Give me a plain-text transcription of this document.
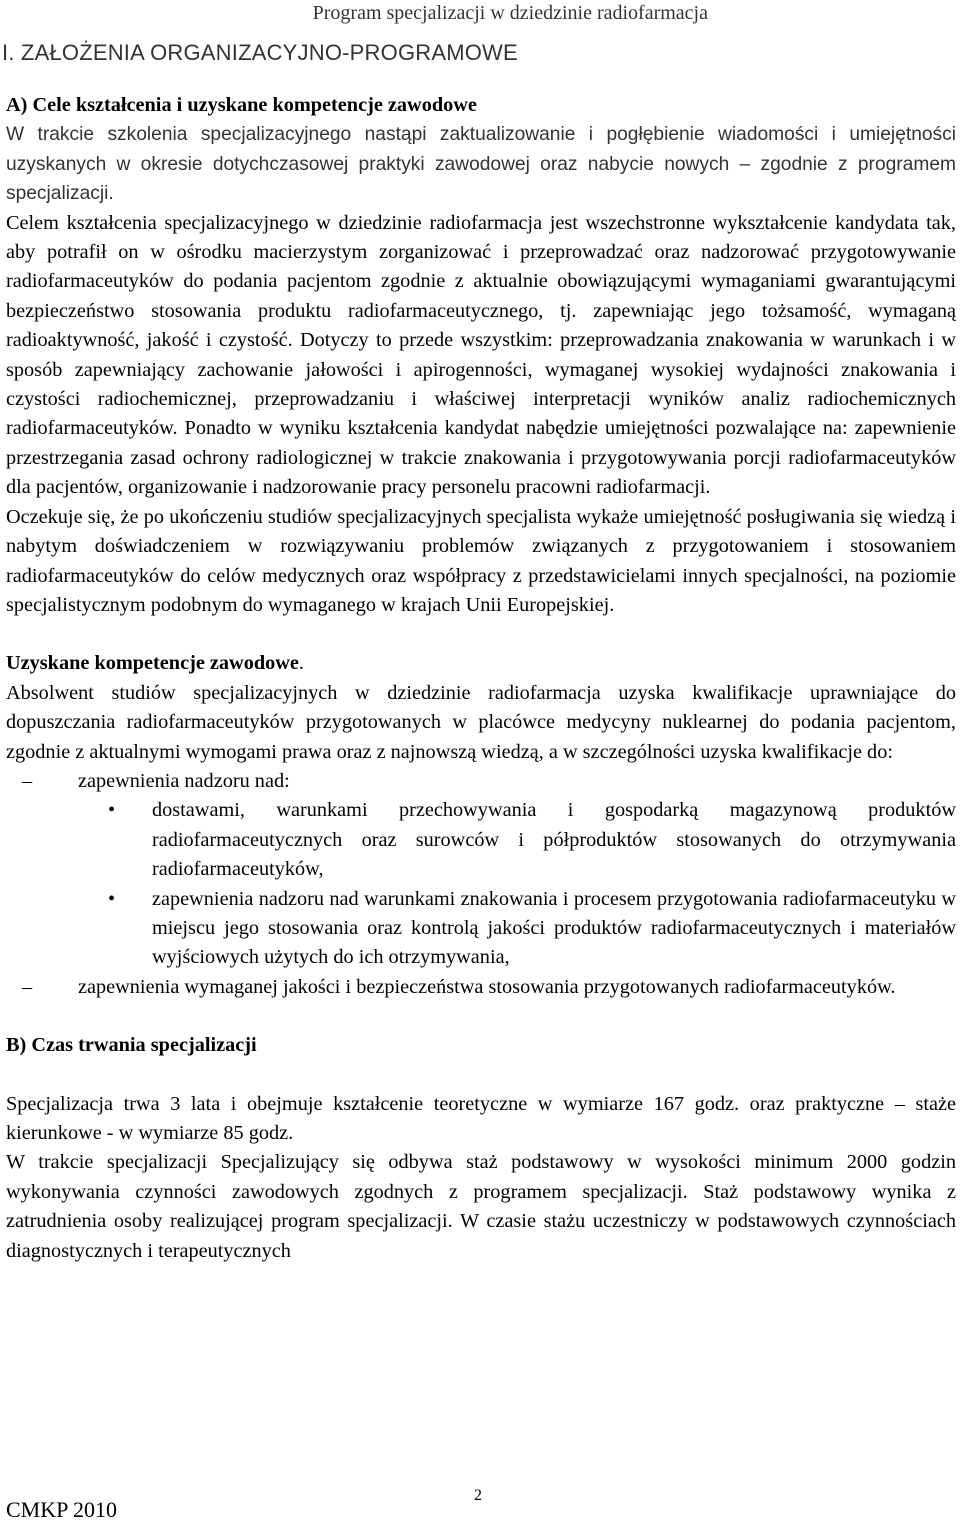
Program specjalizacji w dziedzinie radiofarmacja
I. ZAŁOŻENIA ORGANIZACYJNO-PROGRAMOWE
A) Cele kształcenia i uzyskane kompetencje zawodowe

W trakcie szkolenia specjalizacyjnego nastąpi zaktualizowanie i pogłębienie wiadomości i umiejętności uzyskanych w okresie dotychczasowej praktyki zawodowej oraz nabycie nowych – zgodnie z programem specjalizacji.

Celem kształcenia specjalizacyjnego w dziedzinie radiofarmacja jest wszechstronne wykształcenie kandydata tak, aby potrafił on w ośrodku macierzystym zorganizować i przeprowadzać oraz nadzorować przygotowywanie radiofarmaceutyków do podania pacjentom zgodnie z aktualnie obowiązującymi wymaganiami gwarantującymi bezpieczeństwo stosowania produktu radiofarmaceutycznego, tj. zapewniając jego tożsamość, wymaganą radioaktywność, jakość i czystość. Dotyczy to przede wszystkim: przeprowadzania znakowania w warunkach i w sposób zapewniający zachowanie jałowości i apirogenności, wymaganej wysokiej wydajności znakowania i czystości radiochemicznej, przeprowadzaniu i właściwej interpretacji wyników analiz radiochemicznych radiofarmaceutyków. Ponadto w wyniku kształcenia kandydat nabędzie umiejętności pozwalające na: zapewnienie przestrzegania zasad ochrony radiologicznej w trakcie znakowania i przygotowywania porcji radiofarmaceutyków dla pacjentów, organizowanie i nadzorowanie pracy personelu pracowni radiofarmacji.

Oczekuje się, że po ukończeniu studiów specjalizacyjnych specjalista wykaże umiejętność posługiwania się wiedzą i nabytym doświadczeniem w rozwiązywaniu problemów związanych z przygotowaniem i stosowaniem radiofarmaceutyków do celów medycznych oraz współpracy z przedstawicielami innych specjalności, na poziomie specjalistycznym podobnym do wymaganego w krajach Unii Europejskiej.

Uzyskane kompetencje zawodowe.

Absolwent studiów specjalizacyjnych w dziedzinie radiofarmacja uzyska kwalifikacje uprawniające do dopuszczania radiofarmaceutyków przygotowanych w placówce medycyny nuklearnej do podania pacjentom, zgodnie z aktualnymi wymogami prawa oraz z najnowszą wiedzą, a w szczególności uzyska kwalifikacje do:

–	zapewnienia nadzoru nad:
• dostawami, warunkami przechowywania i gospodarką magazynową produktów radiofarmaceutycznych oraz surowców i półproduktów stosowanych do otrzymywania radiofarmaceutyków,

• zapewnienia nadzoru nad warunkami znakowania i procesem przygotowania radiofarmaceutyku w miejscu jego stosowania oraz kontrolą jakości produktów radiofarmaceutycznych i materiałów wyjściowych użytych do ich otrzymywania,

–	zapewnienia wymaganej jakości i bezpieczeństwa stosowania przygotowanych radiofarmaceutyków.

B) Czas trwania specjalizacji

Specjalizacja trwa 3 lata i obejmuje kształcenie teoretyczne w wymiarze 167 godz. oraz praktyczne – staże kierunkowe - w wymiarze 85 godz.

W trakcie specjalizacji Specjalizujący się odbywa staż podstawowy w wysokości minimum 2000 godzin wykonywania czynności zawodowych zgodnych z programem specjalizacji. Staż podstawowy wynika z zatrudnienia osoby realizującej program specjalizacji. W czasie stażu uczestniczy w podstawowych czynnościach diagnostycznych i terapeutycznych

CMKP 2010
2
